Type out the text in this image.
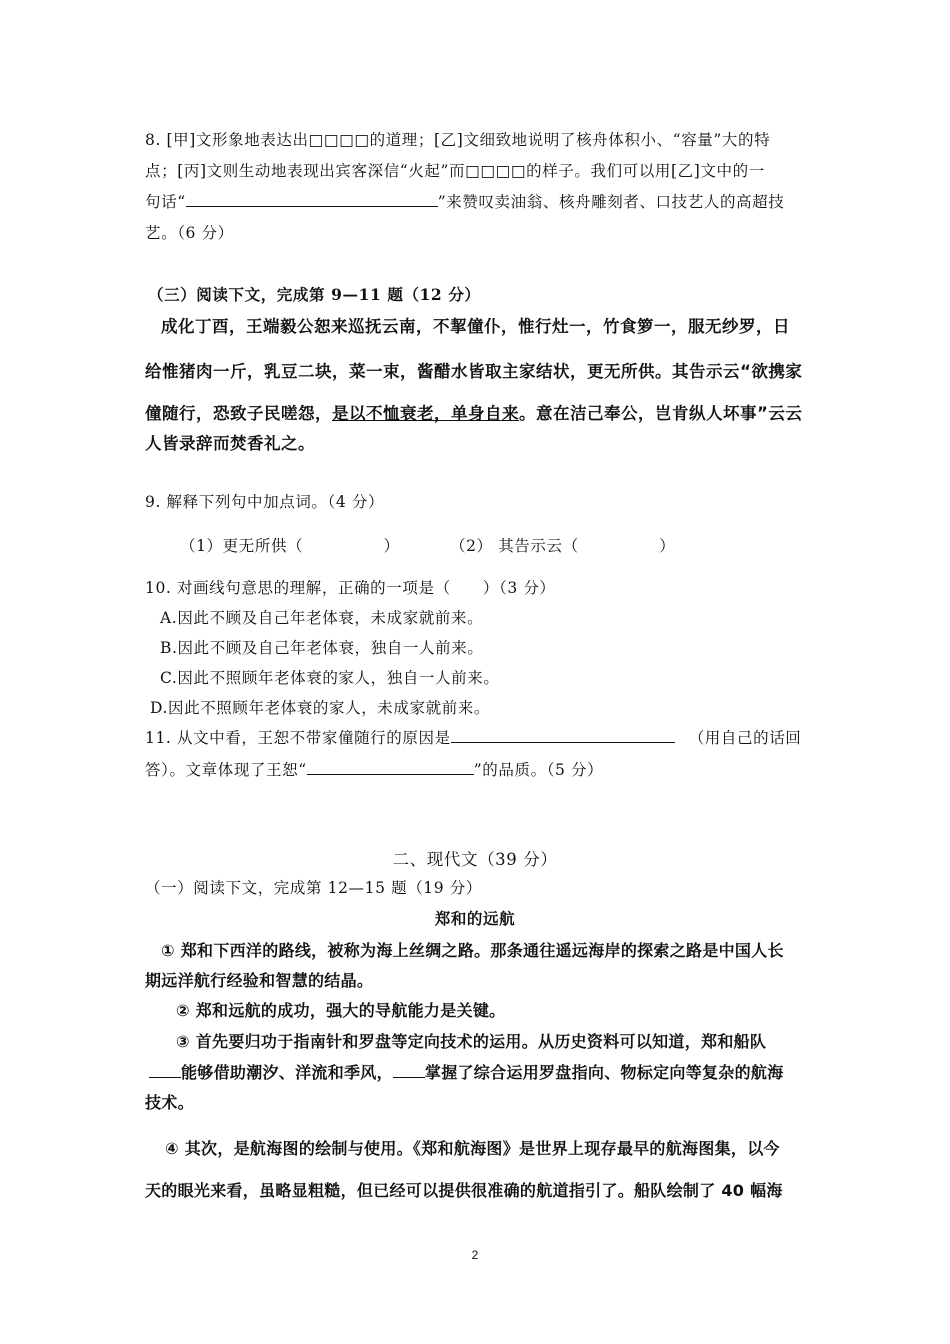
8. [甲]文形象地表达出□□□□的道理；[乙]文细致地说明了核舟体积小、“容量”大的特
点；[丙]文则生动地表现出宾客深信“火起”而□□□□的样子。我们可以用[乙]文中的一
句话“	”来赞叹卖油翁、核舟雕刻者、口技艺人的高超技
艺。（6 分）
（三）阅读下文，完成第 9—11 题（12 分）
成化丁酉，王端毅公恕来巡抚云南，不挈僮仆，惟行灶一，竹食箩一，服无纱罗，日
给惟猪肉一斤，乳豆二块，菜一束，酱醋水皆取主家结状，更无所供。其告示云“欲携家
僮随行，恐致子民嗟怨，是以不恤衰老，单身自来。意在洁己奉公，岂肯纵人坏事”云云
人皆录辞而焚香礼之。
9. 解释下列句中加点词。（4 分）
（1）更无所供（　　　　　）	（2） 其告示云（　　　　　）
10. 对画线句意思的理解，正确的一项是（　　）（3 分）
A.因此不顾及自己年老体衰，未成家就前来。
B.因此不顾及自己年老体衰，独自一人前来。
C.因此不照顾年老体衰的家人，独自一人前来。
D.因此不照顾年老体衰的家人，未成家就前来。
11. 从文中看，王恕不带家僮随行的原因是	（用自己的话回
答）。文章体现了王恕“	”的品质。（5 分）
二、现代文（39 分）
（一）阅读下文，完成第 12—15 题（19 分）
郑和的远航
① 郑和下西洋的路线，被称为海上丝绸之路。那条通往遥远海岸的探索之路是中国人长
期远洋航行经验和智慧的结晶。
② 郑和远航的成功，强大的导航能力是关键。
③ 首先要归功于指南针和罗盘等定向技术的运用。从历史资料可以知道，郑和船队
能够借助潮汐、洋流和季风， 掌握了综合运用罗盘指向、物标定向等复杂的航海
技术。
④ 其次，是航海图的绘制与使用。《郑和航海图》是世界上现存最早的航海图集，以今
天的眼光来看，虽略显粗糙，但已经可以提供很准确的航道指引了。船队绘制了 40 幅海
2
